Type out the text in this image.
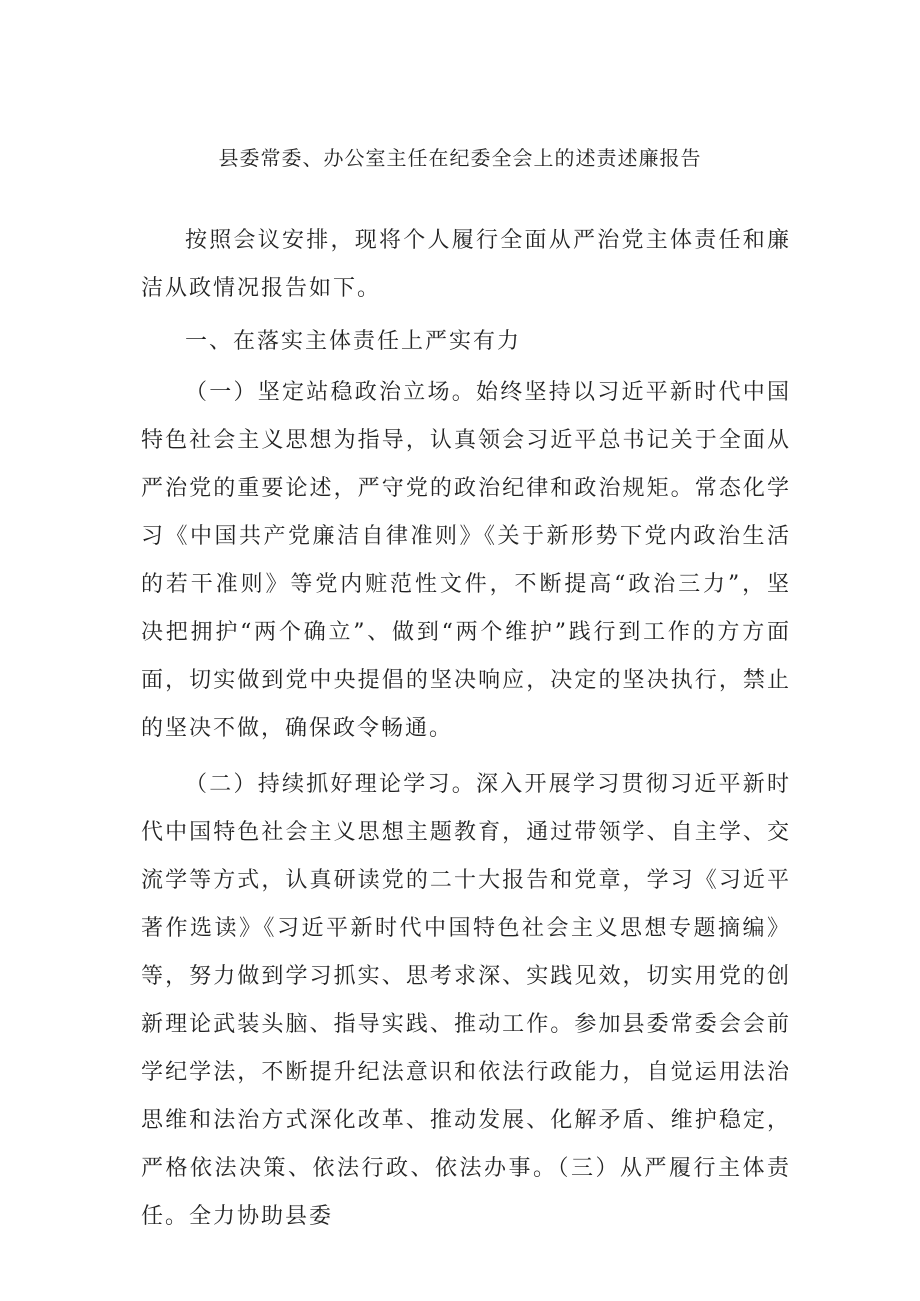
县委常委、办公室主任在纪委全会上的述责述廉报告

按照会议安排，现将个人履行全面从严治党主体责任和廉洁从政情况报告如下。

一、在落实主体责任上严实有力

（一）坚定站稳政治立场。始终坚持以习近平新时代中国特色社会主义思想为指导，认真领会习近平总书记关于全面从严治党的重要论述，严守党的政治纪律和政治规矩。常态化学习《中国共产党廉洁自律准则》《关于新形势下党内政治生活的若干准则》等党内赃范性文件，不断提高“政治三力”，坚决把拥护“两个确立”、做到“两个维护”践行到工作的方方面面，切实做到党中央提倡的坚决响应，决定的坚决执行，禁止的坚决不做，确保政令畅通。

（二）持续抓好理论学习。深入开展学习贯彻习近平新时代中国特色社会主义思想主题教育，通过带领学、自主学、交流学等方式，认真研读党的二十大报告和党章，学习《习近平著作选读》《习近平新时代中国特色社会主义思想专题摘编》等，努力做到学习抓实、思考求深、实践见效，切实用党的创新理论武装头脑、指导实践、推动工作。参加县委常委会会前学纪学法，不断提升纪法意识和依法行政能力，自觉运用法治思维和法治方式深化改革、推动发展、化解矛盾、维护稳定，严格依法决策、依法行政、依法办事。（三）从严履行主体责任。全力协助县委
